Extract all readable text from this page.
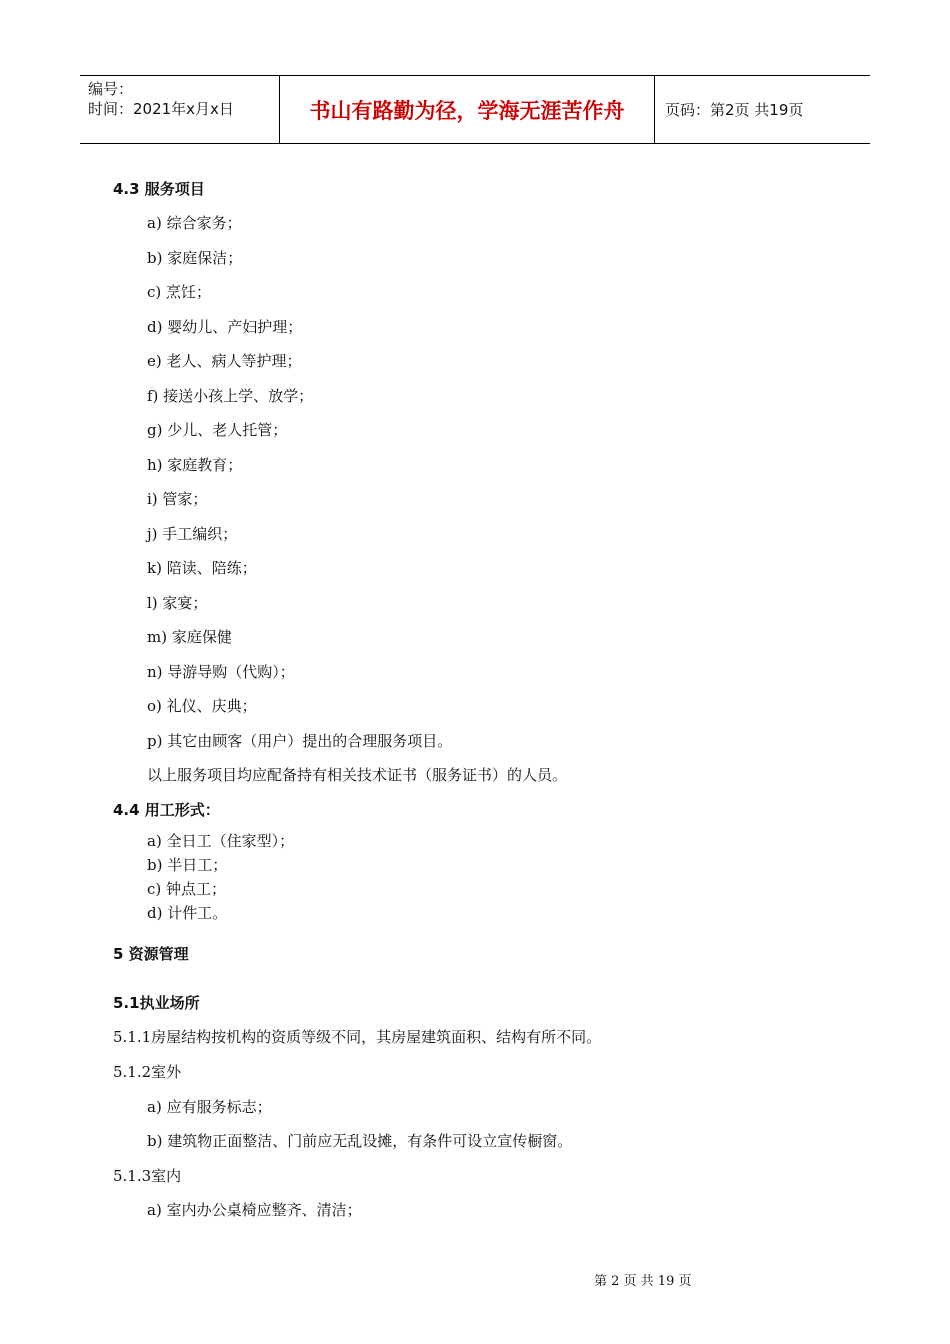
编号：
时间：2021年x月x日	书山有路勤为径，学海无涯苦作舟	页码：第2页 共19页
4.3 服务项目
a) 综合家务；
b) 家庭保洁；
c) 烹饪；
d) 婴幼儿、产妇护理；
e) 老人、病人等护理；
f) 接送小孩上学、放学；
g) 少儿、老人托管；
h) 家庭教育；
i) 管家；
j) 手工编织；
k) 陪读、陪练；
l) 家宴；
m) 家庭保健
n) 导游导购（代购）；
o) 礼仪、庆典；
p) 其它由顾客（用户）提出的合理服务项目。
以上服务项目均应配备持有相关技术证书（服务证书）的人员。
4.4 用工形式：
a) 全日工（住家型）；
b) 半日工；
c) 钟点工；
d) 计件工。
5 资源管理
5.1执业场所
5.1.1房屋结构按机构的资质等级不同，其房屋建筑面积、结构有所不同。
5.1.2室外
a) 应有服务标志；
b) 建筑物正面整洁、门前应无乱设摊，有条件可设立宣传橱窗。
5.1.3室内
a) 室内办公桌椅应整齐、清洁；
第 2 页 共 19 页
